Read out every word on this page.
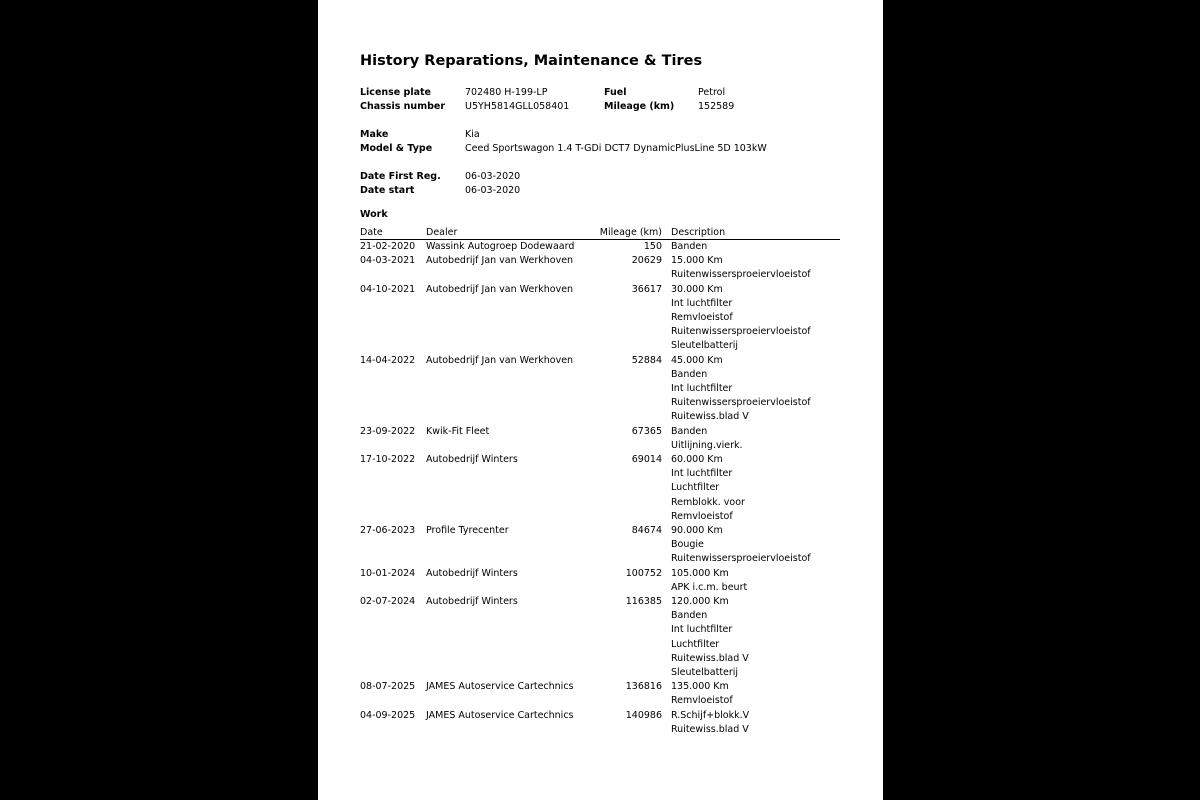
History Reparations, Maintenance & Tires
License plate	702480 H-199-LP	Fuel	Petrol
Chassis number U5YH5814GLL058401	Mileage (km) 152589
Make	Kia
Model & Type	Ceed Sportswagon 1.4 T-GDi DCT7 DynamicPlusLine 5D 103kW
Date First Reg.	06-03-2020
Date start	06-03-2020
Work
Date	Dealer	Mileage (km) Description
21-02-2020 Wassink Autogroep Dodewaard	150 Banden
04-03-2021 Autobedrijf Jan van Werkhoven	20629 15.000 Km
Ruitenwissersproeiervloeistof
04-10-2021 Autobedrijf Jan van Werkhoven	36617 30.000 Km
Int luchtfilter
Remvloeistof
Ruitenwissersproeiervloeistof
Sleutelbatterij
14-04-2022 Autobedrijf Jan van Werkhoven	52884 45.000 Km
Banden
Int luchtfilter
Ruitenwissersproeiervloeistof
Ruitewiss.blad V
23-09-2022 Kwik-Fit Fleet	67365 Banden
Uitlijning.vierk.
17-10-2022 Autobedrijf Winters	69014 60.000 Km
Int luchtfilter
Luchtfilter
Remblokk. voor
Remvloeistof
27-06-2023 Profile Tyrecenter	84674 90.000 Km
Bougie
Ruitenwissersproeiervloeistof
10-01-2024 Autobedrijf Winters	100752 105.000 Km
APK i.c.m. beurt
02-07-2024 Autobedrijf Winters	116385 120.000 Km
Banden
Int luchtfilter
Luchtfilter
Ruitewiss.blad V
Sleutelbatterij
08-07-2025 JAMES Autoservice Cartechnics	136816 135.000 Km
Remvloeistof
04-09-2025 JAMES Autoservice Cartechnics	140986 R.Schijf+blokk.V
Ruitewiss.blad V
